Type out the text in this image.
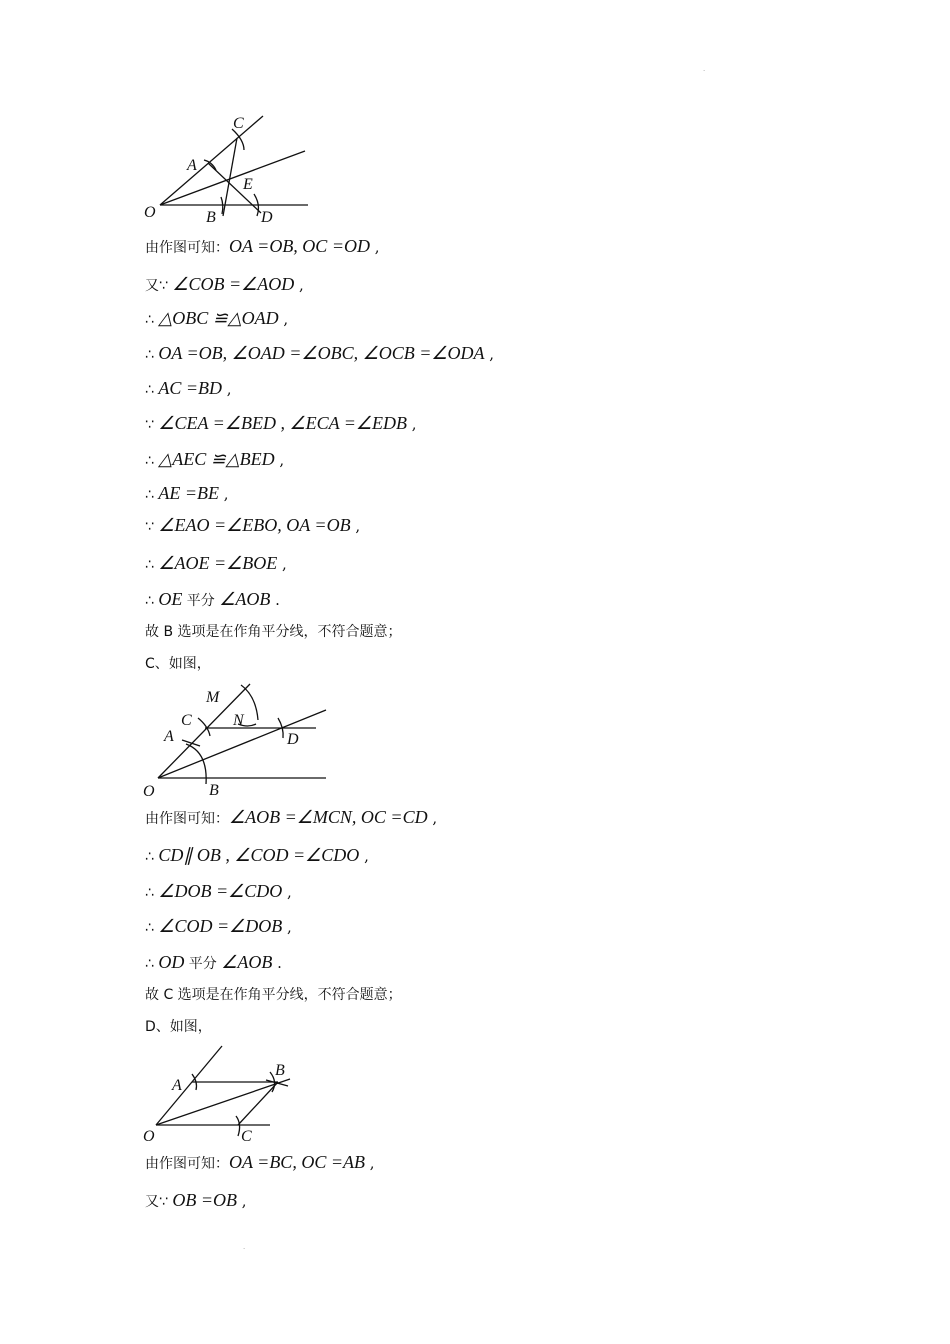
.
.
C
A
E
O	B	D
M
C	N
A	D
O	B
A
B
O	C
由作图可知：OA =OB, OC =OD ,
又∵ ∠COB =∠AOD ,
∴ △OBC ≌△OAD ,
∴ OA =OB, ∠OAD =∠OBC, ∠OCB =∠ODA ,
∴ AC =BD ,
∵ ∠CEA =∠BED , ∠ECA =∠EDB ,
∴ △AEC ≌△BED ,
∴ AE =BE ,
∵ ∠EAO =∠EBO, OA =OB ,
∴ ∠AOE =∠BOE ,
∴ OE 平分 ∠AOB .
故 B 选项是在作角平分线，不符合题意；
C、如图，
由作图可知：∠AOB =∠MCN, OC =CD ,
∴ CD∥ OB , ∠COD =∠CDO ,
∴ ∠DOB =∠CDO ,
∴ ∠COD =∠DOB ,
∴ OD 平分 ∠AOB .
故 C 选项是在作角平分线，不符合题意；
D、如图，
由作图可知：OA =BC, OC =AB ,
又∵ OB =OB ,
